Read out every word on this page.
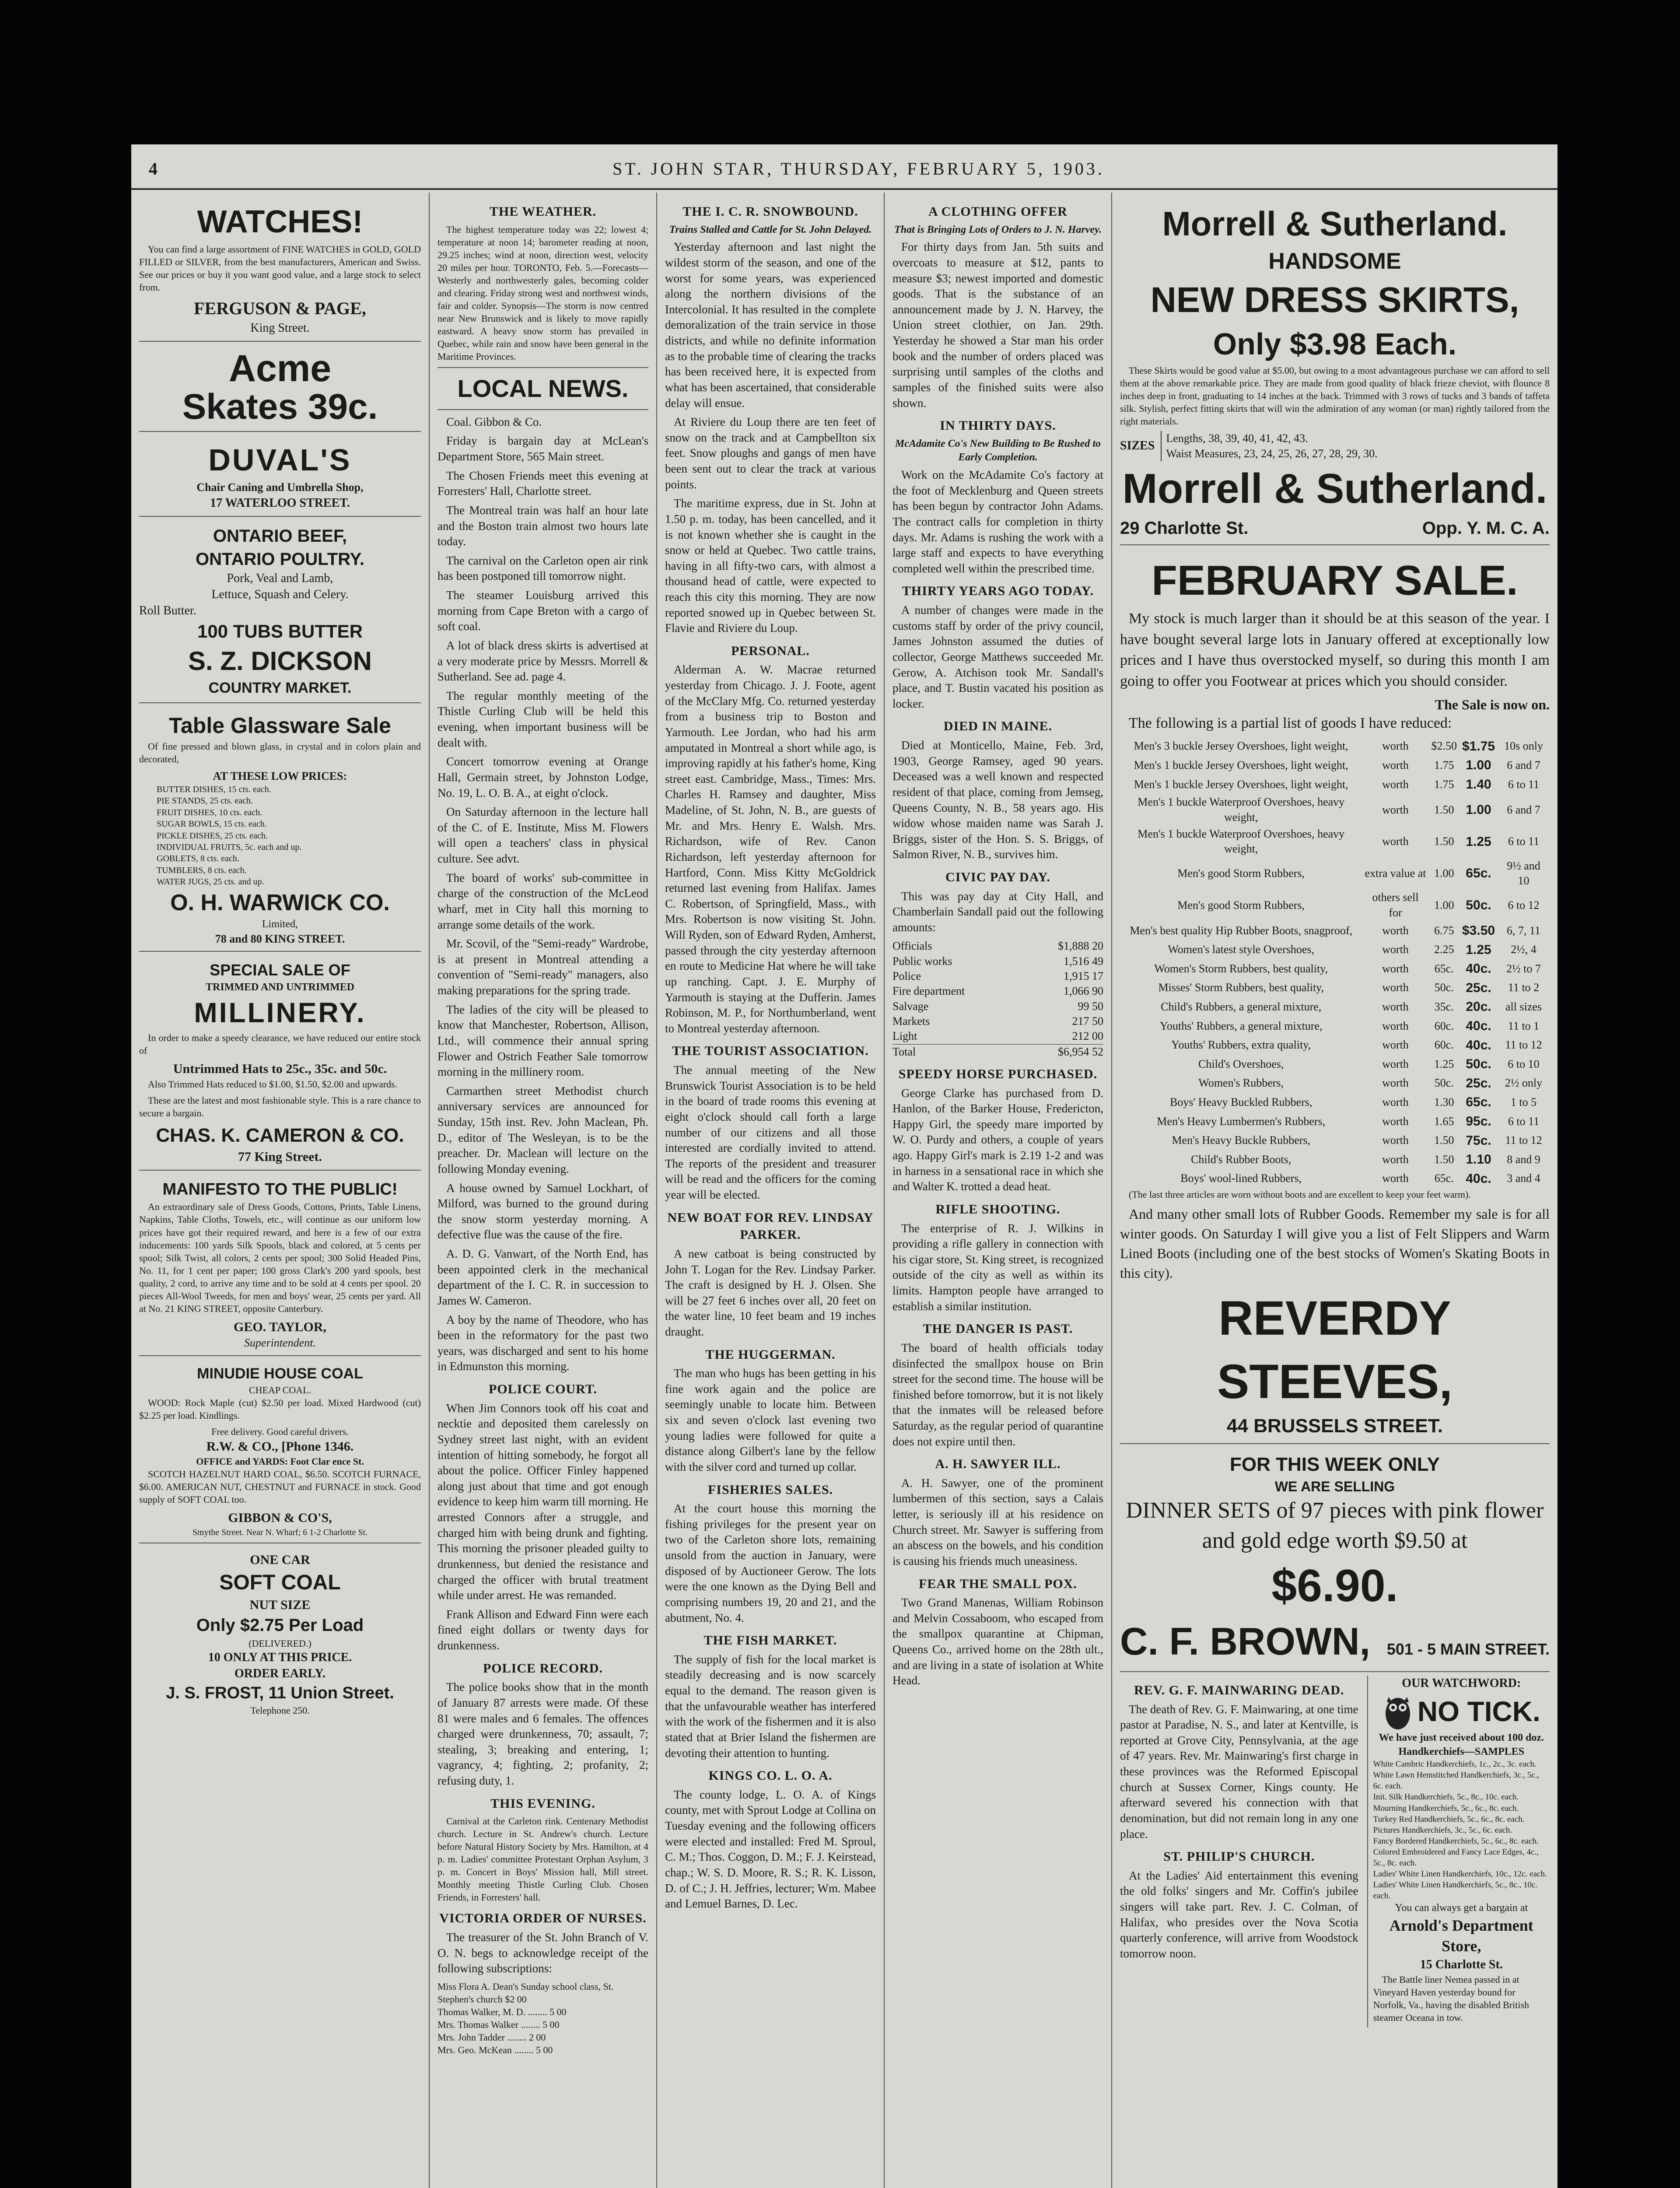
4	ST. JOHN STAR, THURSDAY, FEBRUARY 5, 1903.
WATCHES!

You can find a large assortment of FINE WATCHES in GOLD, GOLD FILLED or SILVER, from the best manufacturers, American and Swiss. See our prices or buy it you want good value, and a large stock to select from.

FERGUSON & PAGE,
King Street.
Acme
Skates 39c.
DUVAL'S
Chair Caning and Umbrella Shop,
17 WATERLOO STREET.
ONTARIO BEEF,
ONTARIO POULTRY.
Pork, Veal and Lamb,
Lettuce, Squash and Celery.
Roll Butter.
100 TUBS BUTTER
S. Z. DICKSON
COUNTRY MARKET.
Table Glassware Sale

Of fine pressed and blown glass, in crystal and in colors plain and decorated,

AT THESE LOW PRICES:
BUTTER DISHES, 15 cts. each.
PIE STANDS, 25 cts. each.
FRUIT DISHES, 10 cts. each.
SUGAR BOWLS, 15 cts. each.
PICKLE DISHES, 25 cts. each.
INDIVIDUAL FRUITS, 5c. each and up.
GOBLETS, 8 cts. each.
TUMBLERS, 8 cts. each.
WATER JUGS, 25 cts. and up.
O. H. WARWICK CO.
Limited,
78 and 80 KING STREET.
SPECIAL SALE OF
TRIMMED AND UNTRIMMED
MILLINERY.

In order to make a speedy clearance, we have reduced our entire stock of

Untrimmed Hats to 25c., 35c. and 50c.

Also Trimmed Hats reduced to $1.00, $1.50, $2.00 and upwards.

These are the latest and most fashionable style. This is a rare chance to secure a bargain.

CHAS. K. CAMERON & CO.
77 King Street.
MANIFESTO TO THE PUBLIC!

An extraordinary sale of Dress Goods, Cottons, Prints, Table Linens, Napkins, Table Cloths, Towels, etc., will continue as our uniform low prices have got their required reward, and here is a few of our extra inducements: 100 yards Silk Spools, black and colored, at 5 cents per spool; Silk Twist, all colors, 2 cents per spool; 300 Solid Headed Pins, No. 11, for 1 cent per paper; 100 gross Clark's 200 yard spools, best quality, 2 cord, to arrive any time and to be sold at 4 cents per spool. 20 pieces All-Wool Tweeds, for men and boys' wear, 25 cents per yard. All at No. 21 KING STREET, opposite Canterbury.

GEO. TAYLOR,
Superintendent.
MINUDIE HOUSE COAL
CHEAP COAL.

WOOD: Rock Maple (cut) $2.50 per load. Mixed Hardwood (cut) $2.25 per load. Kindlings.

Free delivery. Good careful drivers.
R.W. & CO., [Phone 1346.
OFFICE and YARDS: Foot Clar ence St.

SCOTCH HAZELNUT HARD COAL, $6.50. SCOTCH FURNACE, $6.00. AMERICAN NUT, CHESTNUT and FURNACE in stock. Good supply of SOFT COAL too.

GIBBON & CO'S,
Smythe Street. Near N. Wharf; 6 1-2 Charlotte St.
ONE CAR
SOFT COAL
NUT SIZE
Only $2.75 Per Load
(DELIVERED.)
10 ONLY AT THIS PRICE.
ORDER EARLY.
J. S. FROST, 11 Union Street.
Telephone 250.
THE WEATHER.

The highest temperature today was 22; lowest 4; temperature at noon 14; barometer reading at noon, 29.25 inches; wind at noon, direction west, velocity 20 miles per hour. TORONTO, Feb. 5.—Forecasts—Westerly and northwesterly gales, becoming colder and clearing. Friday strong west and northwest winds, fair and colder. Synopsis—The storm is now centred near New Brunswick and is likely to move rapidly eastward. A heavy snow storm has prevailed in Quebec, while rain and snow have been general in the Maritime Provinces.

LOCAL NEWS.

Coal. Gibbon & Co.

Friday is bargain day at McLean's Department Store, 565 Main street.

The Chosen Friends meet this evening at Forresters' Hall, Charlotte street.

The Montreal train was half an hour late and the Boston train almost two hours late today.

The carnival on the Carleton open air rink has been postponed till tomorrow night.

The steamer Louisburg arrived this morning from Cape Breton with a cargo of soft coal.

A lot of black dress skirts is advertised at a very moderate price by Messrs. Morrell & Sutherland. See ad. page 4.

The regular monthly meeting of the Thistle Curling Club will be held this evening, when important business will be dealt with.

Concert tomorrow evening at Orange Hall, Germain street, by Johnston Lodge, No. 19, L. O. B. A., at eight o'clock.

On Saturday afternoon in the lecture hall of the C. of E. Institute, Miss M. Flowers will open a teachers' class in physical culture. See advt.

The board of works' sub-committee in charge of the construction of the McLeod wharf, met in City hall this morning to arrange some details of the work.

Mr. Scovil, of the "Semi-ready" Wardrobe, is at present in Montreal attending a convention of "Semi-ready" managers, also making preparations for the spring trade.

The ladies of the city will be pleased to know that Manchester, Robertson, Allison, Ltd., will commence their annual spring Flower and Ostrich Feather Sale tomorrow morning in the millinery room.

Carmarthen street Methodist church anniversary services are announced for Sunday, 15th inst. Rev. John Maclean, Ph. D., editor of The Wesleyan, is to be the preacher. Dr. Maclean will lecture on the following Monday evening.

A house owned by Samuel Lockhart, of Milford, was burned to the ground during the snow storm yesterday morning. A defective flue was the cause of the fire.

A. D. G. Vanwart, of the North End, has been appointed clerk in the mechanical department of the I. C. R. in succession to James W. Cameron.

A boy by the name of Theodore, who has been in the reformatory for the past two years, was discharged and sent to his home in Edmunston this morning.

POLICE COURT.

When Jim Connors took off his coat and necktie and deposited them carelessly on Sydney street last night, with an evident intention of hitting somebody, he forgot all about the police. Officer Finley happened along just about that time and got enough evidence to keep him warm till morning. He arrested Connors after a struggle, and charged him with being drunk and fighting. This morning the prisoner pleaded guilty to drunkenness, but denied the resistance and charged the officer with brutal treatment while under arrest. He was remanded.

Frank Allison and Edward Finn were each fined eight dollars or twenty days for drunkenness.

POLICE RECORD.

The police books show that in the month of January 87 arrests were made. Of these 81 were males and 6 females. The offences charged were drunkenness, 70; assault, 7; stealing, 3; breaking and entering, 1; vagrancy, 4; fighting, 2; profanity, 2; refusing duty, 1.

THIS EVENING.

Carnival at the Carleton rink. Centenary Methodist church. Lecture in St. Andrew's church. Lecture before Natural History Society by Mrs. Hamilton, at 4 p. m. Ladies' committee Protestant Orphan Asylum, 3 p. m. Concert in Boys' Mission hall, Mill street. Monthly meeting Thistle Curling Club. Chosen Friends, in Forresters' hall.

VICTORIA ORDER OF NURSES.

The treasurer of the St. John Branch of V. O. N. begs to acknowledge receipt of the following subscriptions:

Miss Flora A. Dean's Sunday school class, St. Stephen's church $2 00
Thomas Walker, M. D. ........ 5 00
Mrs. Thomas Walker ........ 5 00
Mrs. John Tadder ........ 2 00
Mrs. Geo. McKean ........ 5 00
THE I. C. R. SNOWBOUND.
Trains Stalled and Cattle for St. John Delayed.

Yesterday afternoon and last night the wildest storm of the season, and one of the worst for some years, was experienced along the northern divisions of the Intercolonial. It has resulted in the complete demoralization of the train service in those districts, and while no definite information as to the probable time of clearing the tracks has been received here, it is expected from what has been ascertained, that considerable delay will ensue.

At Riviere du Loup there are ten feet of snow on the track and at Campbellton six feet. Snow ploughs and gangs of men have been sent out to clear the track at various points.

The maritime express, due in St. John at 1.50 p. m. today, has been cancelled, and it is not known whether she is caught in the snow or held at Quebec. Two cattle trains, having in all fifty-two cars, with almost a thousand head of cattle, were expected to reach this city this morning. They are now reported snowed up in Quebec between St. Flavie and Riviere du Loup.

PERSONAL.

Alderman A. W. Macrae returned yesterday from Chicago. J. J. Foote, agent of the McClary Mfg. Co. returned yesterday from a business trip to Boston and Yarmouth. Lee Jordan, who had his arm amputated in Montreal a short while ago, is improving rapidly at his father's home, King street east. Cambridge, Mass., Times: Mrs. Charles H. Ramsey and daughter, Miss Madeline, of St. John, N. B., are guests of Mr. and Mrs. Henry E. Walsh. Mrs. Richardson, wife of Rev. Canon Richardson, left yesterday afternoon for Hartford, Conn. Miss Kitty McGoldrick returned last evening from Halifax. James C. Robertson, of Springfield, Mass., with Mrs. Robertson is now visiting St. John. Will Ryden, son of Edward Ryden, Amherst, passed through the city yesterday afternoon en route to Medicine Hat where he will take up ranching. Capt. J. E. Murphy of Yarmouth is staying at the Dufferin. James Robinson, M. P., for Northumberland, went to Montreal yesterday afternoon.

THE TOURIST ASSOCIATION.

The annual meeting of the New Brunswick Tourist Association is to be held in the board of trade rooms this evening at eight o'clock should call forth a large number of our citizens and all those interested are cordially invited to attend. The reports of the president and treasurer will be read and the officers for the coming year will be elected.

NEW BOAT FOR REV. LINDSAY PARKER.

A new catboat is being constructed by John T. Logan for the Rev. Lindsay Parker. The craft is designed by H. J. Olsen. She will be 27 feet 6 inches over all, 20 feet on the water line, 10 feet beam and 19 inches draught.

THE HUGGERMAN.

The man who hugs has been getting in his fine work again and the police are seemingly unable to locate him. Between six and seven o'clock last evening two young ladies were followed for quite a distance along Gilbert's lane by the fellow with the silver cord and turned up collar.

FISHERIES SALES.

At the court house this morning the fishing privileges for the present year on two of the Carleton shore lots, remaining unsold from the auction in January, were disposed of by Auctioneer Gerow. The lots were the one known as the Dying Bell and comprising numbers 19, 20 and 21, and the abutment, No. 4.

THE FISH MARKET.

The supply of fish for the local market is steadily decreasing and is now scarcely equal to the demand. The reason given is that the unfavourable weather has interfered with the work of the fishermen and it is also stated that at Brier Island the fishermen are devoting their attention to hunting.

KINGS CO. L. O. A.

The county lodge, L. O. A. of Kings county, met with Sprout Lodge at Collina on Tuesday evening and the following officers were elected and installed: Fred M. Sproul, C. M.; Thos. Coggon, D. M.; F. J. Keirstead, chap.; W. S. D. Moore, R. S.; R. K. Lisson, D. of C.; J. H. Jeffries, lecturer; Wm. Mabee and Lemuel Barnes, D. Lec.

A CLOTHING OFFER
That is Bringing Lots of Orders to J. N. Harvey.

For thirty days from Jan. 5th suits and overcoats to measure at $12, pants to measure $3; newest imported and domestic goods. That is the substance of an announcement made by J. N. Harvey, the Union street clothier, on Jan. 29th. Yesterday he showed a Star man his order book and the number of orders placed was surprising until samples of the cloths and samples of the finished suits were also shown.

IN THIRTY DAYS.
McAdamite Co's New Building to Be Rushed to Early Completion.

Work on the McAdamite Co's factory at the foot of Mecklenburg and Queen streets has been begun by contractor John Adams. The contract calls for completion in thirty days. Mr. Adams is rushing the work with a large staff and expects to have everything completed well within the prescribed time.

THIRTY YEARS AGO TODAY.

A number of changes were made in the customs staff by order of the privy council, James Johnston assumed the duties of collector, George Matthews succeeded Mr. Gerow, A. Atchison took Mr. Sandall's place, and T. Bustin vacated his position as locker.

DIED IN MAINE.

Died at Monticello, Maine, Feb. 3rd, 1903, George Ramsey, aged 90 years. Deceased was a well known and respected resident of that place, coming from Jemseg, Queens County, N. B., 58 years ago. His widow whose maiden name was Sarah J. Briggs, sister of the Hon. S. S. Briggs, of Salmon River, N. B., survives him.

CIVIC PAY DAY.

This was pay day at City Hall, and Chamberlain Sandall paid out the following amounts:

Officials	$1,888 20
Public works	1,516 49
Police	1,915 17
Fire department	1,066 90
Salvage	99 50
Markets	217 50
Light	212 00
Total	$6,954 52
SPEEDY HORSE PURCHASED.

George Clarke has purchased from D. Hanlon, of the Barker House, Fredericton, Happy Girl, the speedy mare imported by W. O. Purdy and others, a couple of years ago. Happy Girl's mark is 2.19 1-2 and was in harness in a sensational race in which she and Walter K. trotted a dead heat.

RIFLE SHOOTING.

The enterprise of R. J. Wilkins in providing a rifle gallery in connection with his cigar store, St. King street, is recognized outside of the city as well as within its limits. Hampton people have arranged to establish a similar institution.

THE DANGER IS PAST.

The board of health officials today disinfected the smallpox house on Brin street for the second time. The house will be finished before tomorrow, but it is not likely that the inmates will be released before Saturday, as the regular period of quarantine does not expire until then.

A. H. SAWYER ILL.

A. H. Sawyer, one of the prominent lumbermen of this section, says a Calais letter, is seriously ill at his residence on Church street. Mr. Sawyer is suffering from an abscess on the bowels, and his condition is causing his friends much uneasiness.

FEAR THE SMALL POX.

Two Grand Manenas, William Robinson and Melvin Cossaboom, who escaped from the smallpox quarantine at Chipman, Queens Co., arrived home on the 28th ult., and are living in a state of isolation at White Head.

Morrell & Sutherland.
HANDSOME
NEW DRESS SKIRTS,
Only $3.98 Each.

These Skirts would be good value at $5.00, but owing to a most advantageous purchase we can afford to sell them at the above remarkable price. They are made from good quality of black frieze cheviot, with flounce 8 inches deep in front, graduating to 14 inches at the back. Trimmed with 3 rows of tucks and 3 bands of taffeta silk. Stylish, perfect fitting skirts that will win the admiration of any woman (or man) rightly tailored from the right materials.

SIZES
Lengths, 38, 39, 40, 41, 42, 43.
Waist Measures, 23, 24, 25, 26, 27, 28, 29, 30.
Morrell & Sutherland.
29 Charlotte St.	Opp. Y. M. C. A.
FEBRUARY SALE.

My stock is much larger than it should be at this season of the year. I have bought several large lots in January offered at exceptionally low prices and I have thus overstocked myself, so during this month I am going to offer you Footwear at prices which you should consider.

The Sale is now on.

The following is a partial list of goods I have reduced:

Men's 3 buckle Jersey Overshoes, light weight,	worth	$2.50	$1.75	10s only
Men's 1 buckle Jersey Overshoes, light weight,	worth	1.75	1.00	6 and 7
Men's 1 buckle Jersey Overshoes, light weight,	worth	1.75	1.40	6 to 11
Men's 1 buckle Waterproof Overshoes, heavy weight,	worth	1.50	1.00	6 and 7
Men's 1 buckle Waterproof Overshoes, heavy weight,	worth	1.50	1.25	6 to 11
Men's good Storm Rubbers,	extra value at	1.00	65c.	9½ and 10
Men's good Storm Rubbers,	others sell for	1.00	50c.	6 to 12
Men's best quality Hip Rubber Boots, snagproof,	worth	6.75	$3.50	6, 7, 11
Women's latest style Overshoes,	worth	2.25	1.25	2½, 4
Women's Storm Rubbers, best quality,	worth	65c.	40c.	2½ to 7
Misses' Storm Rubbers, best quality,	worth	50c.	25c.	11 to 2
Child's Rubbers, a general mixture,	worth	35c.	20c.	all sizes
Youths' Rubbers, a general mixture,	worth	60c.	40c.	11 to 1
Youths' Rubbers, extra quality,	worth	60c.	40c.	11 to 12
Child's Overshoes,	worth	1.25	50c.	6 to 10
Women's Rubbers,	worth	50c.	25c.	2½ only
Boys' Heavy Buckled Rubbers,	worth	1.30	65c.	1 to 5
Men's Heavy Lumbermen's Rubbers,	worth	1.65	95c.	6 to 11
Men's Heavy Buckle Rubbers,	worth	1.50	75c.	11 to 12
Child's Rubber Boots,	worth	1.50	1.10	8 and 9
Boys' wool-lined Rubbers,	worth	65c.	40c.	3 and 4

(The last three articles are worn without boots and are excellent to keep your feet warm).

And many other small lots of Rubber Goods. Remember my sale is for all winter goods. On Saturday I will give you a list of Felt Slippers and Warm Lined Boots (including one of the best stocks of Women's Skating Boots in this city).

REVERDY STEEVES,
44 BRUSSELS STREET.
FOR THIS WEEK ONLY
WE ARE SELLING
DINNER SETS of 97 pieces with pink flower and gold edge worth $9.50 at
$6.90.
C. F. BROWN, 501 - 5 MAIN STREET.
REV. G. F. MAINWARING DEAD.

The death of Rev. G. F. Mainwaring, at one time pastor at Paradise, N. S., and later at Kentville, is reported at Grove City, Pennsylvania, at the age of 47 years. Rev. Mr. Mainwaring's first charge in these provinces was the Reformed Episcopal church at Sussex Corner, Kings county. He afterward severed his connection with that denomination, but did not remain long in any one place.

ST. PHILIP'S CHURCH.

At the Ladies' Aid entertainment this evening the old folks' singers and Mr. Coffin's jubilee singers will take part. Rev. J. C. Colman, of Halifax, who presides over the Nova Scotia quarterly conference, will arrive from Woodstock tomorrow noon.

OUR WATCHWORD:
NO TICK.
We have just received about 100 doz. Handkerchiefs—SAMPLES
White Cambric Handkerchiefs, 1c., 2c., 3c. each.
White Lawn Hemstitched Handkerchiefs, 3c., 5c., 6c. each.
Init. Silk Handkerchiefs, 5c., 8c., 10c. each.
Mourning Handkerchiefs, 5c., 6c., 8c. each.
Turkey Red Handkerchiefs, 5c., 6c., 8c. each.
Pictures Handkerchiefs, 3c., 5c., 6c. each.
Fancy Bordered Handkerchiefs, 5c., 6c., 8c. each.
Colored Embroidered and Fancy Lace Edges, 4c., 5c., 8c. each.
Ladies' White Linen Handkerchiefs, 10c., 12c. each.
Ladies' White Linen Handkerchiefs, 5c., 8c., 10c. each.
You can always get a bargain at
Arnold's Department Store,
15 Charlotte St.

The Battle liner Nemea passed in at Vineyard Haven yesterday bound for Norfolk, Va., having the disabled British steamer Oceana in tow.
